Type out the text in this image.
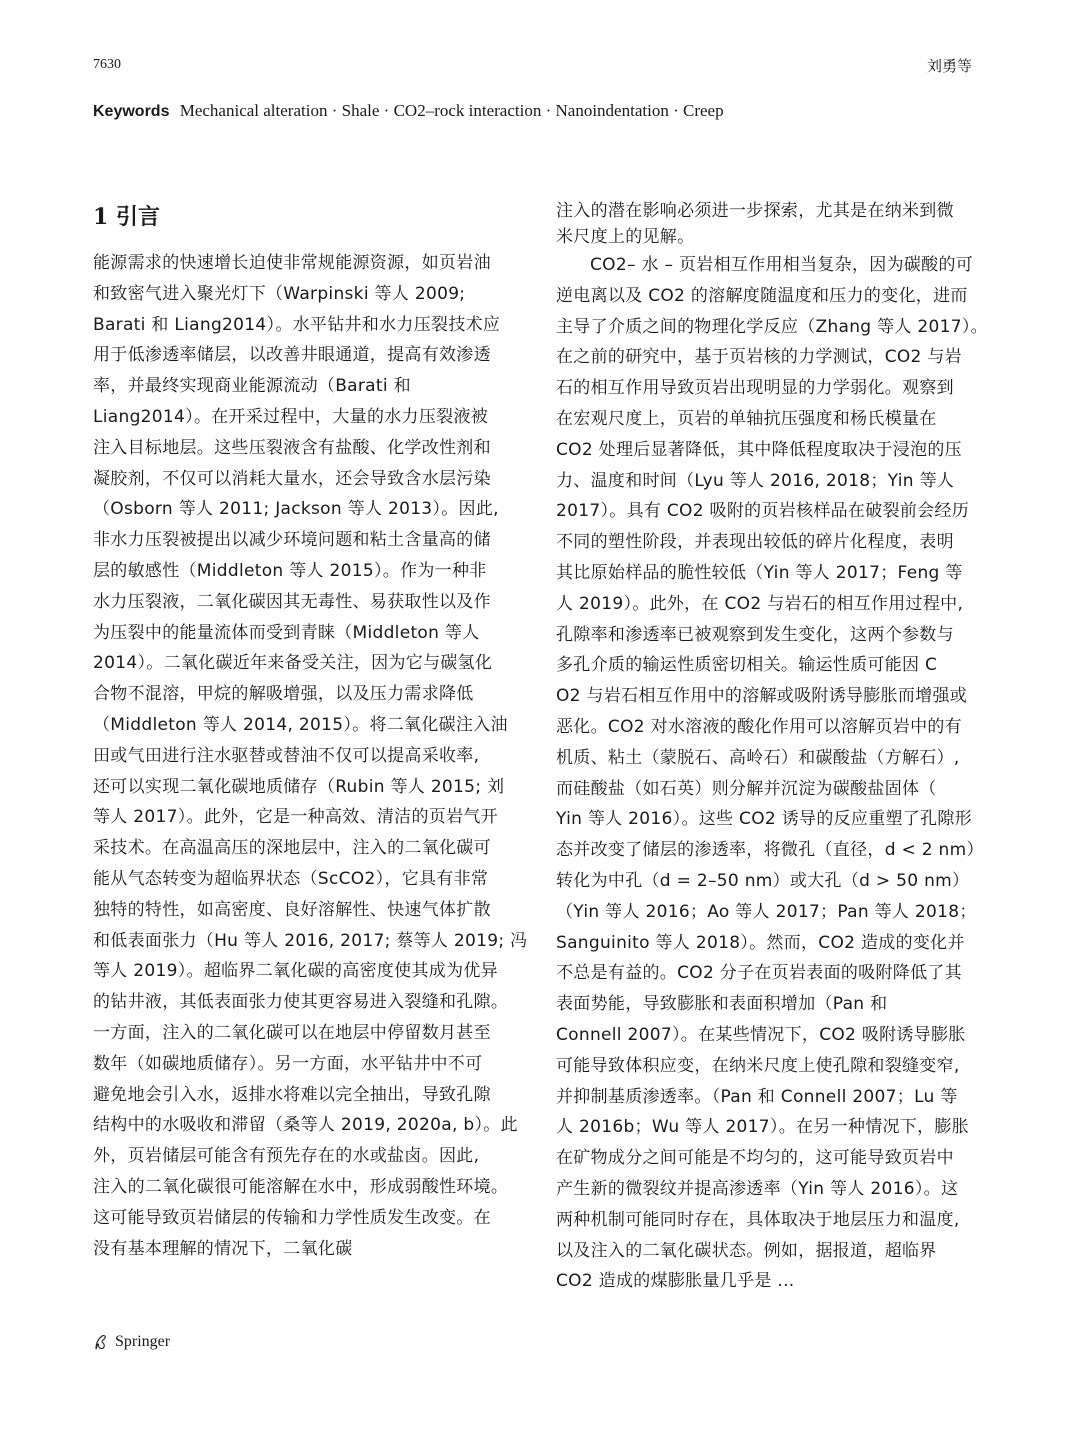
7630	刘勇等
Keywords Mechanical alteration · Shale · CO2–rock interaction · Nanoindentation · Creep
1 引言
能源需求的快速增长迫使非常规能源资源，如页岩油
和致密气进入聚光灯下（Warpinski 等人 2009;
Barati 和 Liang2014）。水平钻井和水力压裂技术应
用于低渗透率储层，以改善井眼通道，提高有效渗透
率，并最终实现商业能源流动（Barati 和
Liang2014）。在开采过程中，大量的水力压裂液被
注入目标地层。这些压裂液含有盐酸、化学改性剂和
凝胶剂，不仅可以消耗大量水，还会导致含水层污染
（Osborn 等人 2011; Jackson 等人 2013）。因此,
非水力压裂被提出以减少环境问题和粘土含量高的储
层的敏感性（Middleton 等人 2015）。作为一种非
水力压裂液，二氧化碳因其无毒性、易获取性以及作
为压裂中的能量流体而受到青睐（Middleton 等人
2014）。二氧化碳近年来备受关注，因为它与碳氢化
合物不混溶，甲烷的解吸增强，以及压力需求降低
（Middleton 等人 2014, 2015）。将二氧化碳注入油
田或气田进行注水驱替或替油不仅可以提高采收率,
还可以实现二氧化碳地质储存（Rubin 等人 2015; 刘
等人 2017）。此外，它是一种高效、清洁的页岩气开
采技术。在高温高压的深地层中，注入的二氧化碳可
能从气态转变为超临界状态（ScCO2），它具有非常
独特的特性，如高密度、良好溶解性、快速气体扩散
和低表面张力（Hu 等人 2016, 2017; 蔡等人 2019; 冯
等人 2019）。超临界二氧化碳的高密度使其成为优异
的钻井液，其低表面张力使其更容易进入裂缝和孔隙。
一方面，注入的二氧化碳可以在地层中停留数月甚至
数年（如碳地质储存）。另一方面，水平钻井中不可
避免地会引入水，返排水将难以完全抽出，导致孔隙
结构中的水吸收和滞留（桑等人 2019, 2020a, b）。此
外，页岩储层可能含有预先存在的水或盐卤。因此,
注入的二氧化碳很可能溶解在水中，形成弱酸性环境。
这可能导致页岩储层的传输和力学性质发生改变。在
没有基本理解的情况下，二氧化碳
注入的潜在影响必须进一步探索，尤其是在纳米到微
米尺度上的见解。
CO2– 水 – 页岩相互作用相当复杂，因为碳酸的可
逆电离以及 CO2 的溶解度随温度和压力的变化，进而
主导了介质之间的物理化学反应（Zhang 等人 2017）。
在之前的研究中，基于页岩核的力学测试，CO2 与岩
石的相互作用导致页岩出现明显的力学弱化。观察到
在宏观尺度上，页岩的单轴抗压强度和杨氏模量在
CO2 处理后显著降低，其中降低程度取决于浸泡的压
力、温度和时间（Lyu 等人 2016, 2018；Yin 等人
2017）。具有 CO2 吸附的页岩核样品在破裂前会经历
不同的塑性阶段，并表现出较低的碎片化程度，表明
其比原始样品的脆性较低（Yin 等人 2017；Feng 等
人 2019）。此外，在 CO2 与岩石的相互作用过程中,
孔隙率和渗透率已被观察到发生变化，这两个参数与
多孔介质的输运性质密切相关。输运性质可能因 C
O2 与岩石相互作用中的溶解或吸附诱导膨胀而增强或
恶化。CO2 对水溶液的酸化作用可以溶解页岩中的有
机质、粘土（蒙脱石、高岭石）和碳酸盐（方解石）,
而硅酸盐（如石英）则分解并沉淀为碳酸盐固体（
Yin 等人 2016）。这些 CO2 诱导的反应重塑了孔隙形
态并改变了储层的渗透率，将微孔（直径，d < 2 nm）
转化为中孔（d = 2–50 nm）或大孔（d > 50 nm）
（Yin 等人 2016；Ao 等人 2017；Pan 等人 2018；
Sanguinito 等人 2018）。然而，CO2 造成的变化并
不总是有益的。CO2 分子在页岩表面的吸附降低了其
表面势能，导致膨胀和表面积增加（Pan 和
Connell 2007）。在某些情况下，CO2 吸附诱导膨胀
可能导致体积应变，在纳米尺度上使孔隙和裂缝变窄,
并抑制基质渗透率。（Pan 和 Connell 2007；Lu 等
人 2016b；Wu 等人 2017）。在另一种情况下，膨胀
在矿物成分之间可能是不均匀的，这可能导致页岩中
产生新的微裂纹并提高渗透率（Yin 等人 2016）。这
两种机制可能同时存在，具体取决于地层压力和温度,
以及注入的二氧化碳状态。例如，据报道，超临界
CO2 造成的煤膨胀量几乎是 ...
Springer
